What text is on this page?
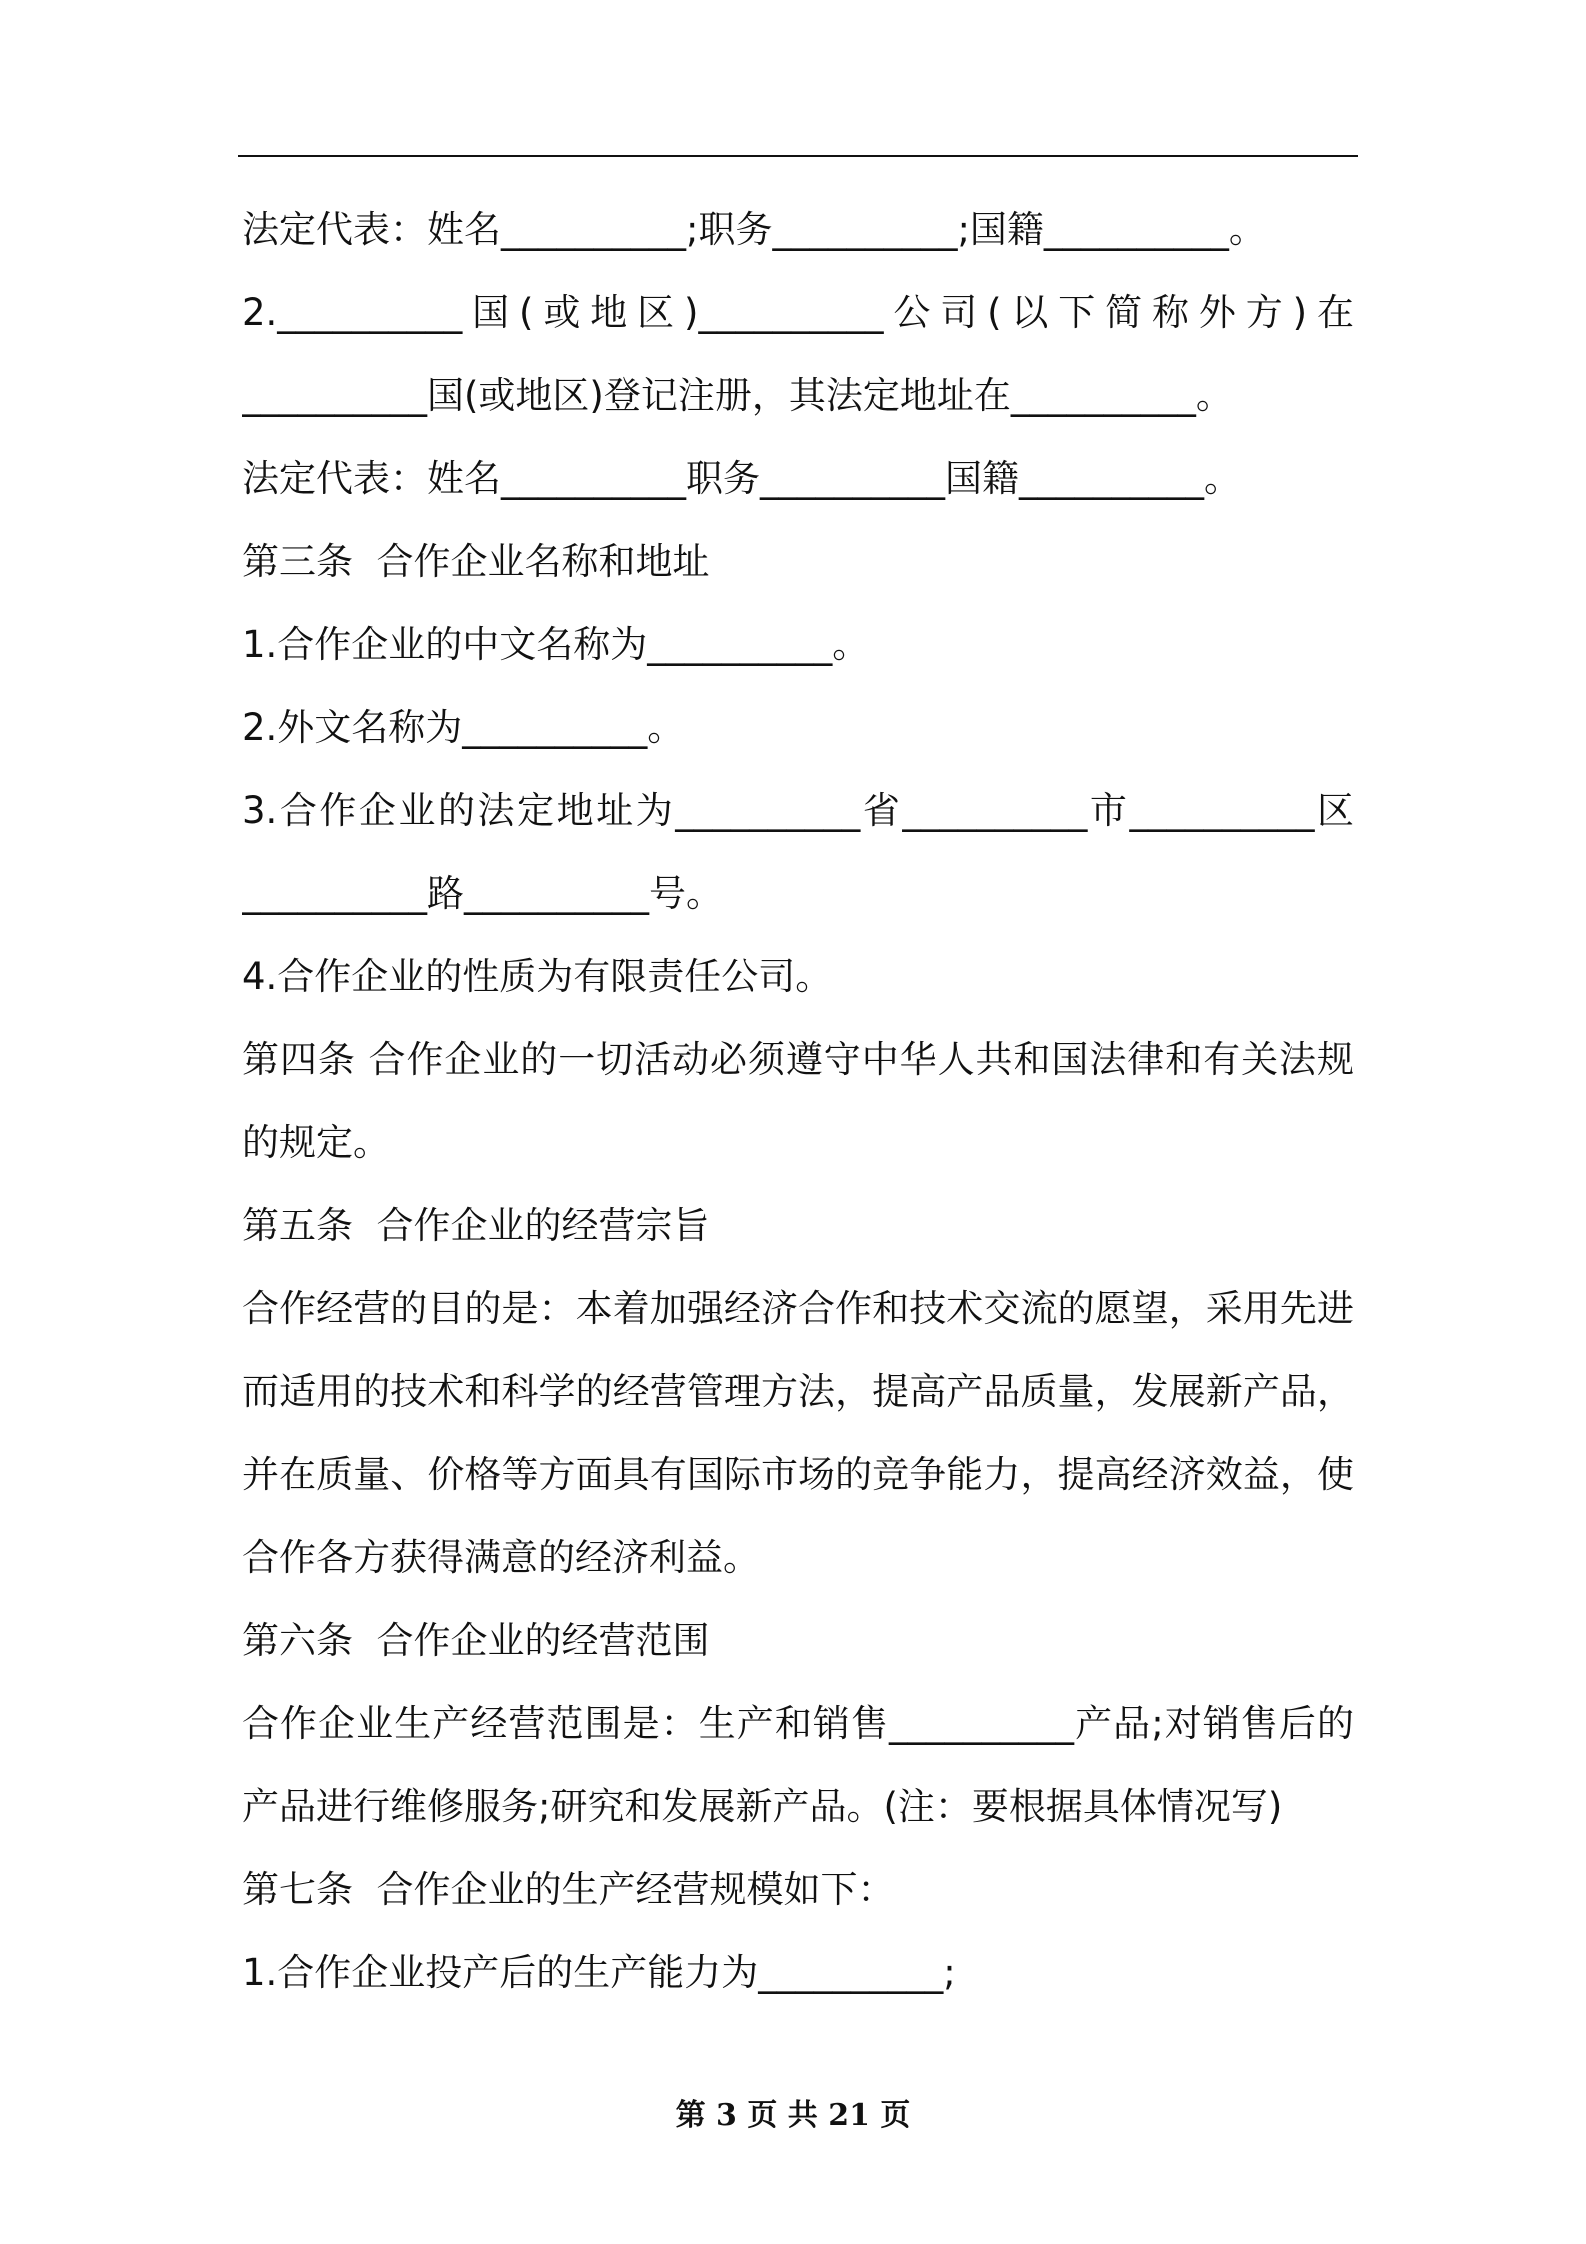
法定代表：姓名__________;职务__________;国籍__________。
2.__________国(或地区)__________公司(以下简称外方)在
__________国(或地区)登记注册，其法定地址在__________。
法定代表：姓名__________职务__________国籍__________。
第三条  合作企业名称和地址
1.合作企业的中文名称为__________。
2.外文名称为__________。
3.合作企业的法定地址为__________省__________市__________区
__________路__________号。
4.合作企业的性质为有限责任公司。
第四条 合作企业的一切活动必须遵守中华人共和国法律和有关法规
的规定。
第五条  合作企业的经营宗旨
合作经营的目的是：本着加强经济合作和技术交流的愿望，采用先进
而适用的技术和科学的经营管理方法，提高产品质量，发展新产品，
并在质量、价格等方面具有国际市场的竞争能力，提高经济效益，使
合作各方获得满意的经济利益。
第六条  合作企业的经营范围
合作企业生产经营范围是：生产和销售__________产品;对销售后的
产品进行维修服务;研究和发展新产品。(注：要根据具体情况写)
第七条  合作企业的生产经营规模如下：
1.合作企业投产后的生产能力为__________;
第 3 页 共 21 页
